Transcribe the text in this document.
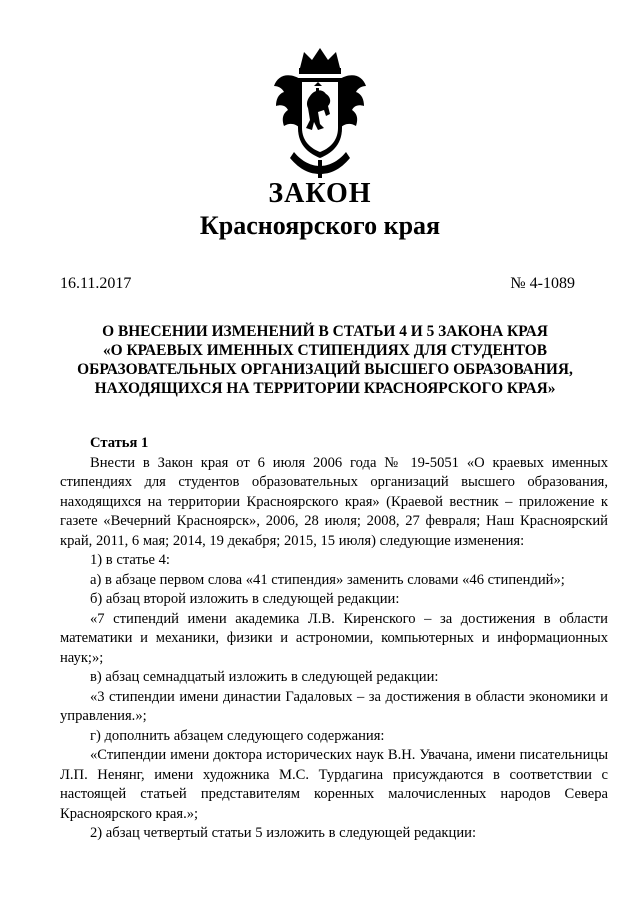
ЗАКОН
Красноярского края
16.11.2017	№ 4-1089
О ВНЕСЕНИИ ИЗМЕНЕНИЙ В СТАТЬИ 4 И 5 ЗАКОНА КРАЯ
«О КРАЕВЫХ ИМЕННЫХ СТИПЕНДИЯХ ДЛЯ СТУДЕНТОВ
ОБРАЗОВАТЕЛЬНЫХ ОРГАНИЗАЦИЙ ВЫСШЕГО ОБРАЗОВАНИЯ,
НАХОДЯЩИХСЯ НА ТЕРРИТОРИИ КРАСНОЯРСКОГО КРАЯ»
Статья 1
Внести в Закон края от 6 июля 2006 года № 19-5051 «О краевых именных стипендиях для студентов образовательных организаций высшего образования, находящихся на территории Красноярского края» (Краевой вестник – приложение к газете «Вечерний Красноярск», 2006, 28 июля; 2008, 27 февраля; Наш Красноярский край, 2011, 6 мая; 2014, 19 декабря; 2015, 15 июля) следующие изменения:
1) в статье 4:
а) в абзаце первом слова «41 стипендия» заменить словами «46 стипендий»;
б) абзац второй изложить в следующей редакции:
«7 стипендий имени академика Л.В. Киренского – за достижения в области математики и механики, физики и астрономии, компьютерных и информационных наук;»;
в) абзац семнадцатый изложить в следующей редакции:
«3 стипендии имени династии Гадаловых – за достижения в области экономики и управления.»;
г) дополнить абзацем следующего содержания:
«Стипендии имени доктора исторических наук В.Н. Увачана, имени писательницы Л.П. Ненянг, имени художника М.С. Турдагина присуждаются в соответствии с настоящей статьей представителям коренных малочисленных народов Севера Красноярского края.»;
2) абзац четвертый статьи 5 изложить в следующей редакции:
